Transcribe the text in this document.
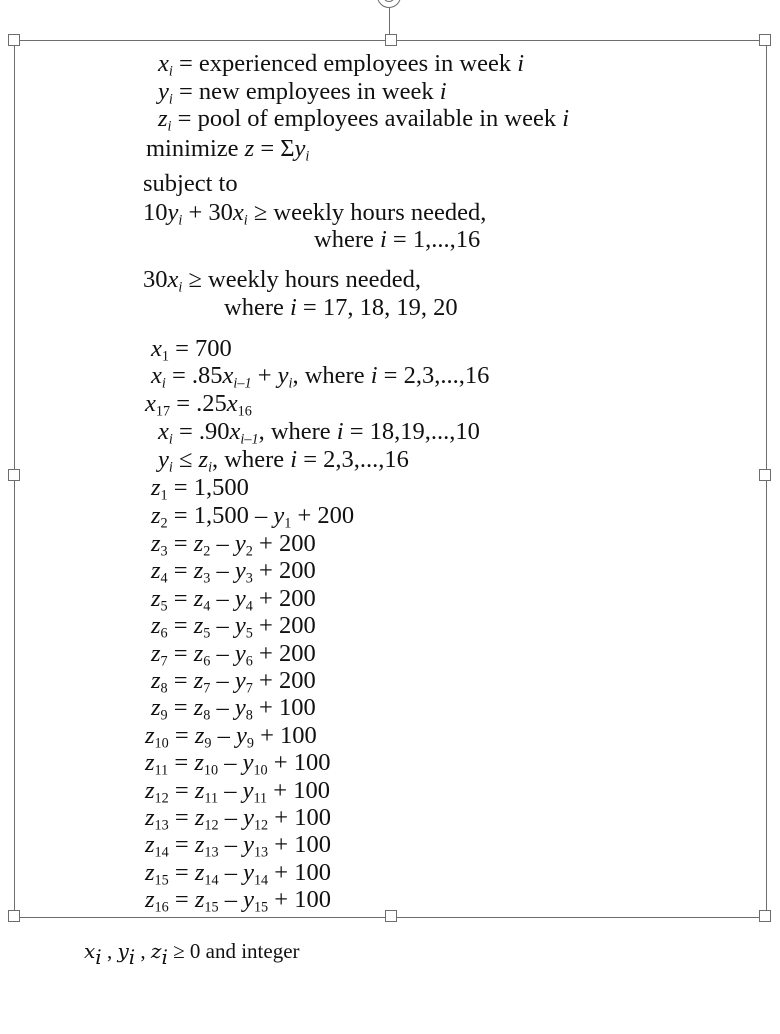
$x_i$ = experienced employees in week i
$y_i$ = new employees in week i
$z_i$ = pool of employees available in week i
minimize $z = \Sigma y_i$
subject to
$10y_i + 30x_i$ ≥ weekly hours needed,
where i = 1,...,16
$30x_i$ ≥ weekly hours needed,
where i = 17, 18, 19, 20
$x_1 = 700$
$x_i = .85x_{i-1} + y_i$, where i = 2,3,...,16
$x_{17} = .25x_{16}$
$x_i = .90x_{i-1}$, where i = 18,19,...,10
$y_i \le z_i$, where i = 2,3,...,16
$z_1 = 1,500$
$z_2 = 1,500 - y_1 + 200$
$z_3 = z_2 - y_2 + 200$
$z_4 = z_3 - y_3 + 200$
$z_5 = z_4 - y_4 + 200$
$z_6 = z_5 - y_5 + 200$
$z_7 = z_6 - y_6 + 200$
$z_8 = z_7 - y_7 + 200$
$z_9 = z_8 - y_8 + 100$
$z_{10} = z_9 - y_9 + 100$
$z_{11} = z_{10} - y_{10} + 100$
$z_{12} = z_{11} - y_{11} + 100$
$z_{13} = z_{12} - y_{12} + 100$
$z_{14} = z_{13} - y_{13} + 100$
$z_{15} = z_{14} - y_{14} + 100$
$z_{16} = z_{15} - y_{15} + 100$
$x_i$ , $y_i$ , $z_i \ge 0$ and integer
